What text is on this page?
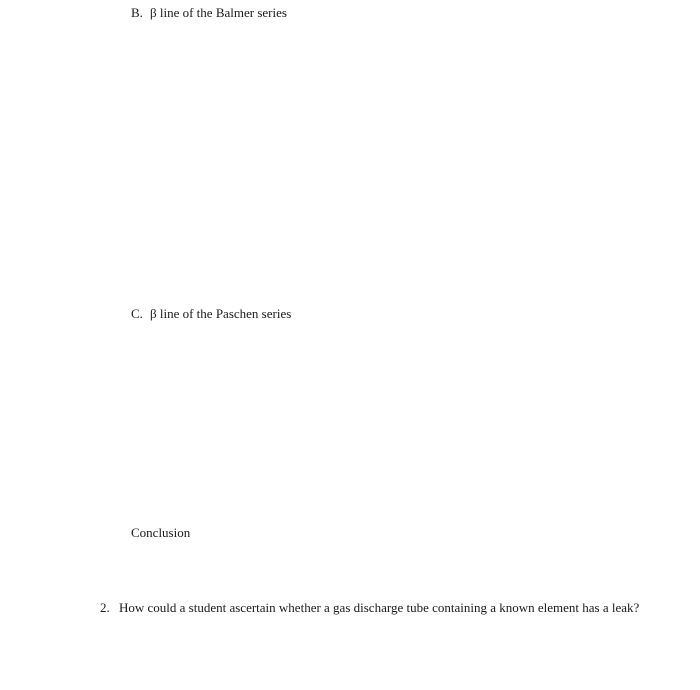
B. β line of the Balmer series
C. β line of the Paschen series
Conclusion
2. How could a student ascertain whether a gas discharge tube containing a known element has a leak?
